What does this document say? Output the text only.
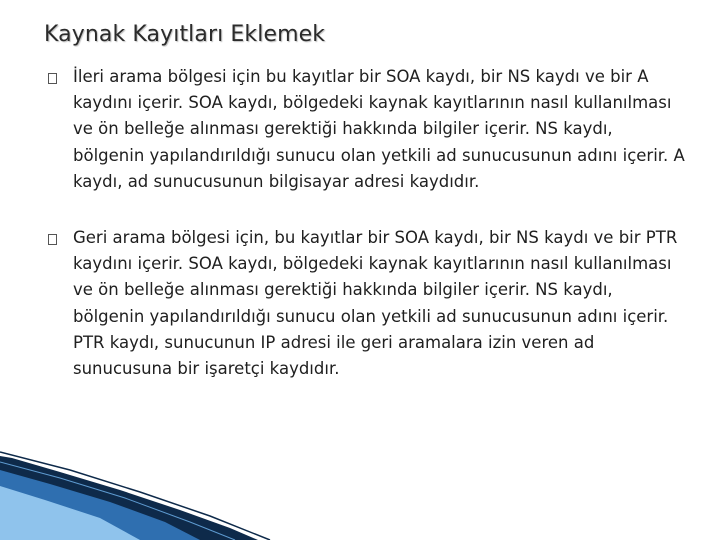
Kaynak Kayıtları Eklemek
İleri arama bölgesi için bu kayıtlar bir SOA kaydı, bir NS kaydı ve bir A kaydını içerir. SOA kaydı, bölgedeki kaynak kayıtlarının nasıl kullanılması ve ön belleğe alınması gerektiği hakkında bilgiler içerir. NS kaydı, bölgenin yapılandırıldığı sunucu olan yetkili ad sunucusunun adını içerir. A kaydı, ad sunucusunun bilgisayar adresi kaydıdır.
Geri arama bölgesi için, bu kayıtlar bir SOA kaydı, bir NS kaydı ve bir PTR kaydını içerir. SOA kaydı, bölgedeki kaynak kayıtlarının nasıl kullanılması ve ön belleğe alınması gerektiği hakkında bilgiler içerir. NS kaydı, bölgenin yapılandırıldığı sunucu olan yetkili ad sunucusunun adını içerir. PTR kaydı, sunucunun IP adresi ile geri aramalara izin veren ad sunucusuna bir işaretçi kaydıdır.
